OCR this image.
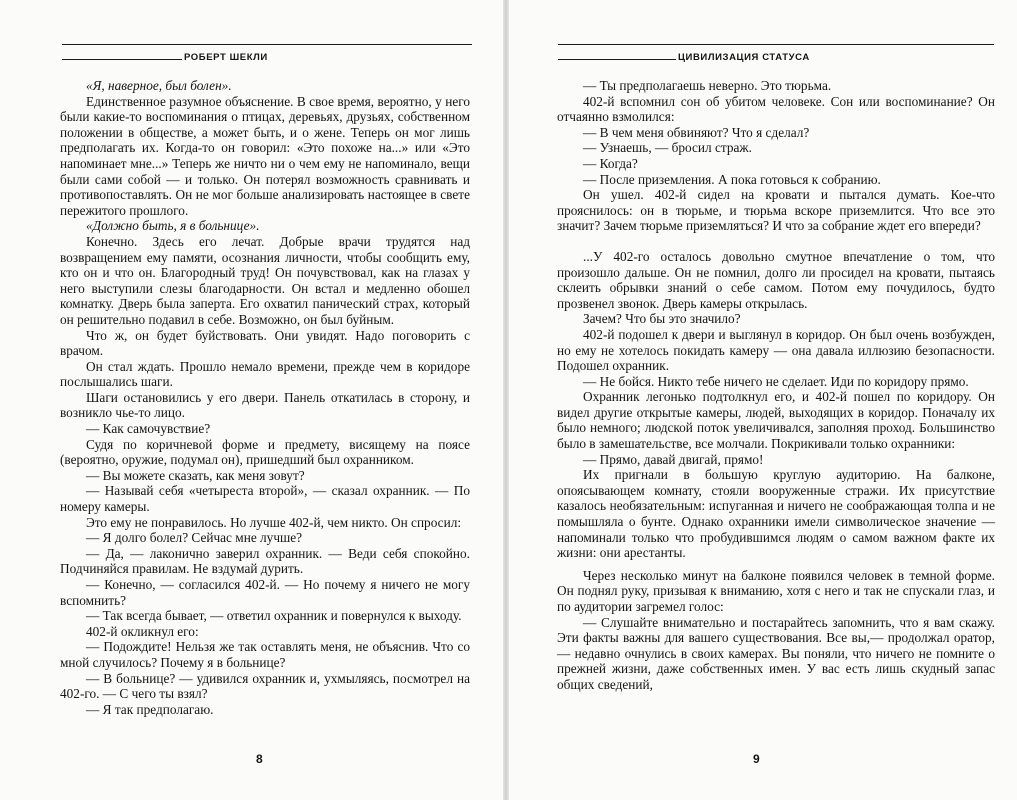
РОБЕРТ ШЕКЛИ

«Я, наверное, был болен».

Единственное разумное объяснение. В свое время, вероятно, у него были какие-то воспоминания о птицах, деревьях, друзьях, собственном положении в обществе, а может быть, и о жене. Теперь он мог лишь предполагать их. Когда-то он говорил: «Это похоже на...» или «Это напоминает мне...» Теперь же ничто ни о чем ему не напоминало, вещи были сами собой — и только. Он потерял возможность сравнивать и противопоставлять. Он не мог больше анализировать настоящее в свете пережитого прошлого.

«Должно быть, я в больнице».

Конечно. Здесь его лечат. Добрые врачи трудятся над возвращением ему памяти, осознания личности, чтобы сообщить ему, кто он и что он. Благородный труд! Он почувствовал, как на глазах у него выступили слезы благодарности. Он встал и медленно обошел комнатку. Дверь была заперта. Его охватил панический страх, который он решительно подавил в себе. Возможно, он был буйным.

Что ж, он будет буйствовать. Они увидят. Надо поговорить с врачом.

Он стал ждать. Прошло немало времени, прежде чем в коридоре послышались шаги.

Шаги остановились у его двери. Панель откатилась в сторону, и возникло чье-то лицо.

— Как самочувствие?

Судя по коричневой форме и предмету, висящему на поясе (вероятно, оружие, подумал он), пришедший был охранником.

— Вы можете сказать, как меня зовут?

— Называй себя «четыреста второй», — сказал охранник. — По номеру камеры.

Это ему не понравилось. Но лучше 402-й, чем никто. Он спросил:

— Я долго болел? Сейчас мне лучше?

— Да, — лаконично заверил охранник. — Веди себя спокойно. Подчиняйся правилам. Не вздумай дурить.

— Конечно, — согласился 402-й. — Но почему я ничего не могу вспомнить?

— Так всегда бывает, — ответил охранник и повернулся к выходу.

402-й окликнул его:

— Подождите! Нельзя же так оставлять меня, не объяснив. Что со мной случилось? Почему я в больнице?

— В больнице? — удивился охранник и, ухмыляясь, посмотрел на 402-го. — С чего ты взял?

— Я так предполагаю.

8
ЦИВИЛИЗАЦИЯ СТАТУСА

— Ты предполагаешь неверно. Это тюрьма.

402-й вспомнил сон об убитом человеке. Сон или воспоминание? Он отчаянно взмолился:

— В чем меня обвиняют? Что я сделал?

— Узнаешь, — бросил страж.

— Когда?

— После приземления. А пока готовься к собранию.

Он ушел. 402-й сидел на кровати и пытался думать. Кое-что прояснилось: он в тюрьме, и тюрьма вскоре приземлится. Что все это значит? Зачем тюрьме приземляться? И что за собрание ждет его впереди?

...У 402-го осталось довольно смутное впечатление о том, что произошло дальше. Он не помнил, долго ли просидел на кровати, пытаясь склеить обрывки знаний о себе самом. Потом ему почудилось, будто прозвенел звонок. Дверь камеры открылась.

Зачем? Что бы это значило?

402-й подошел к двери и выглянул в коридор. Он был очень возбужден, но ему не хотелось покидать камеру — она давала иллюзию безопасности. Подошел охранник.

— Не бойся. Никто тебе ничего не сделает. Иди по коридору прямо.

Охранник легонько подтолкнул его, и 402-й пошел по коридору. Он видел другие открытые камеры, людей, выходящих в коридор. Поначалу их было немного; людской поток увеличивался, заполняя проход. Большинство было в замешательстве, все молчали. Покрикивали только охранники:

— Прямо, давай двигай, прямо!

Их пригнали в большую круглую аудиторию. На балконе, опоясывающем комнату, стояли вооруженные стражи. Их присутствие казалось необязательным: испуганная и ничего не соображающая толпа и не помышляла о бунте. Однако охранники имели символическое значение — напоминали только что пробудившимся людям о самом важном факте их жизни: они арестанты.

Через несколько минут на балконе появился человек в темной форме. Он поднял руку, призывая к вниманию, хотя с него и так не спускали глаз, и по аудитории загремел голос:

— Слушайте внимательно и постарайтесь запомнить, что я вам скажу. Эти факты важны для вашего существования. Все вы,— продолжал оратор, — недавно очнулись в своих камерах. Вы поняли, что ничего не помните о прежней жизни, даже собственных имен. У вас есть лишь скудный запас общих сведений,

9
